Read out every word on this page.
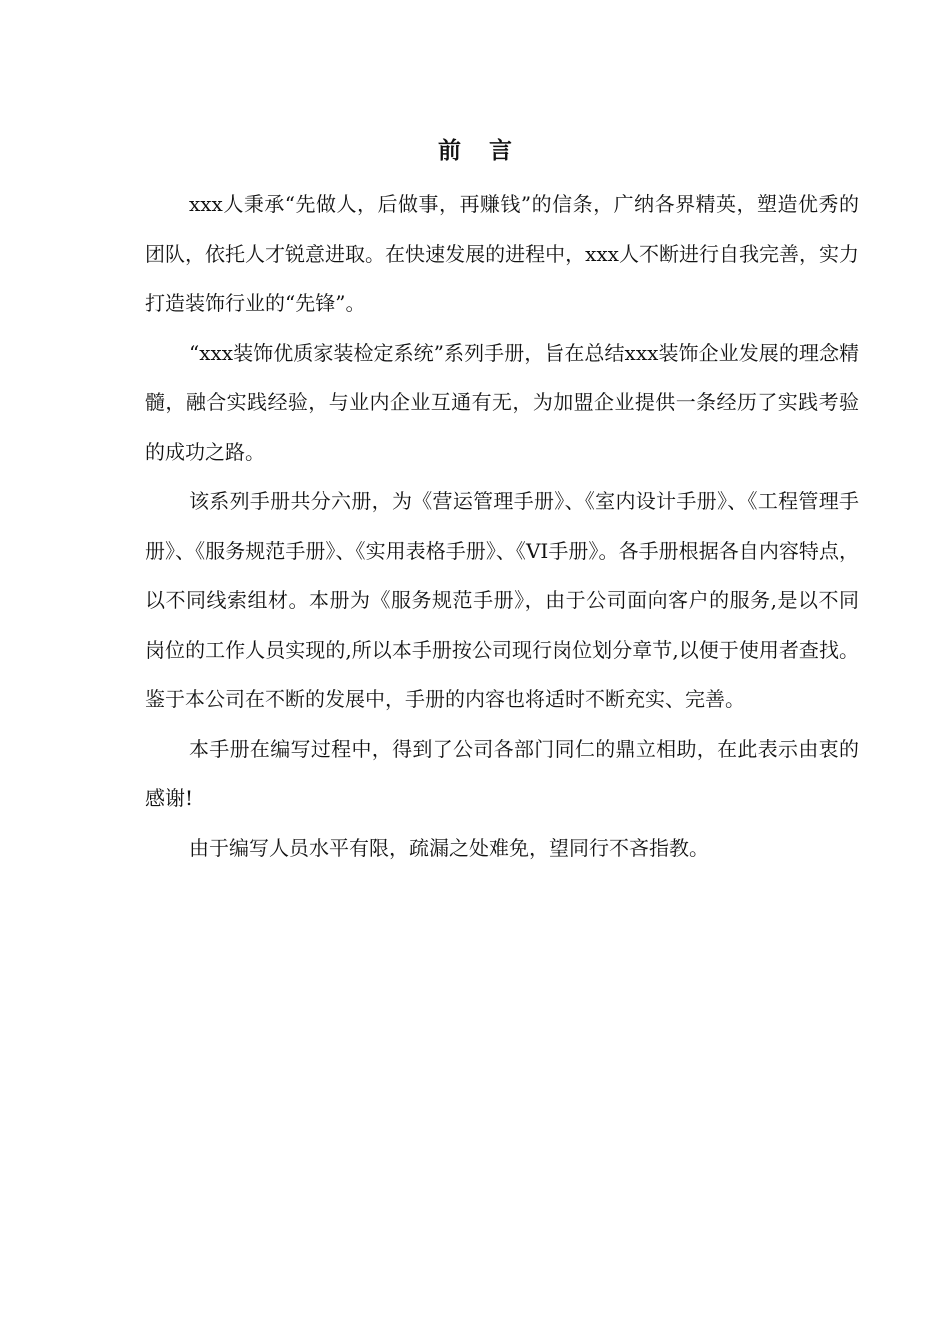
前言

xxx人秉承“先做人，后做事，再赚钱”的信条，广纳各界精英，塑造优秀的团队，依托人才锐意进取。在快速发展的进程中，xxx人不断进行自我完善，实力打造装饰行业的“先锋”。

“xxx装饰优质家装检定系统”系列手册，旨在总结xxx装饰企业发展的理念精髓，融合实践经验，与业内企业互通有无，为加盟企业提供一条经历了实践考验的成功之路。

该系列手册共分六册，为《营运管理手册》、《室内设计手册》、《工程管理手册》、《服务规范手册》、《实用表格手册》、《VI手册》。各手册根据各自内容特点，以不同线索组材。本册为《服务规范手册》，由于公司面向客户的服务,是以不同岗位的工作人员实现的,所以本手册按公司现行岗位划分章节,以便于使用者查找。鉴于本公司在不断的发展中，手册的内容也将适时不断充实、完善。

本手册在编写过程中，得到了公司各部门同仁的鼎立相助，在此表示由衷的感谢!

由于编写人员水平有限，疏漏之处难免，望同行不吝指教。
